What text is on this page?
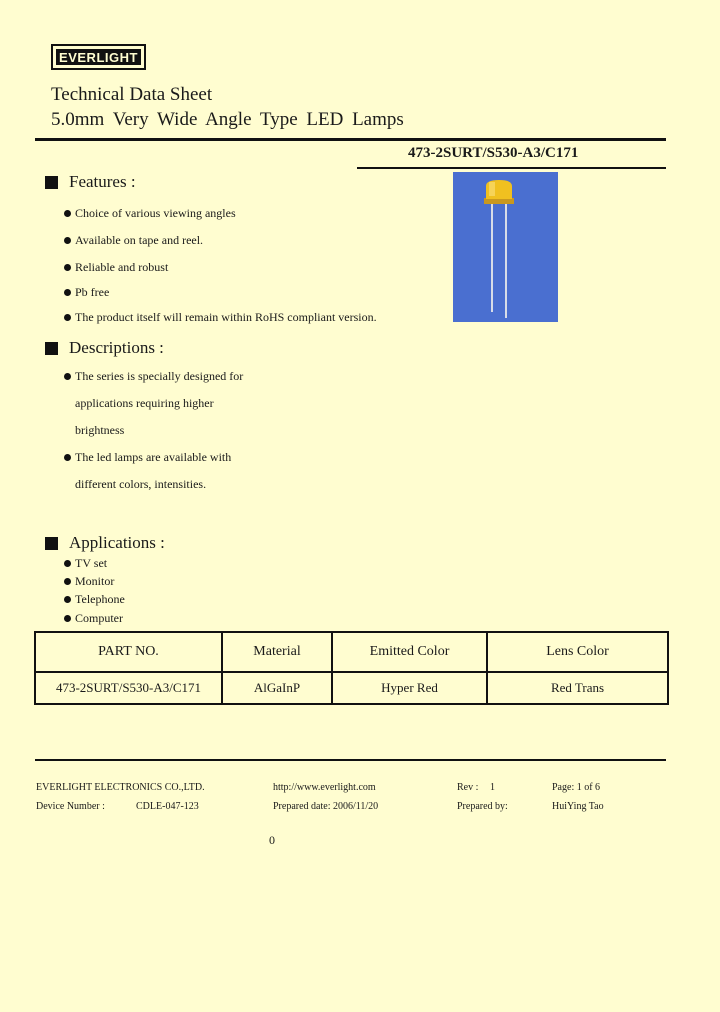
EVERLIGHT
Technical Data Sheet
5.0mm Very Wide Angle Type LED Lamps
473-2SURT/S530-A3/C171
Features :
Choice of various viewing angles
Available on tape and reel.
Reliable and robust
Pb free
The product itself will remain within RoHS compliant version.
Descriptions :
The series is specially designed for
applications requiring higher
brightness
The led lamps are available with
different colors, intensities.
Applications :
TV set
Monitor
Telephone
Computer
PART NO.	Material	Emitted Color	Lens Color
473-2SURT/S530-A3/C171	AlGaInP	Hyper Red	Red Trans
EVERLIGHT ELECTRONICS CO.,LTD.	http://www.everlight.com	Rev : 1	Page: 1 of 6
Device Number :	CDLE-047-123	Prepared date: 2006/11/20	Prepared by:	HuiYing Tao
0
